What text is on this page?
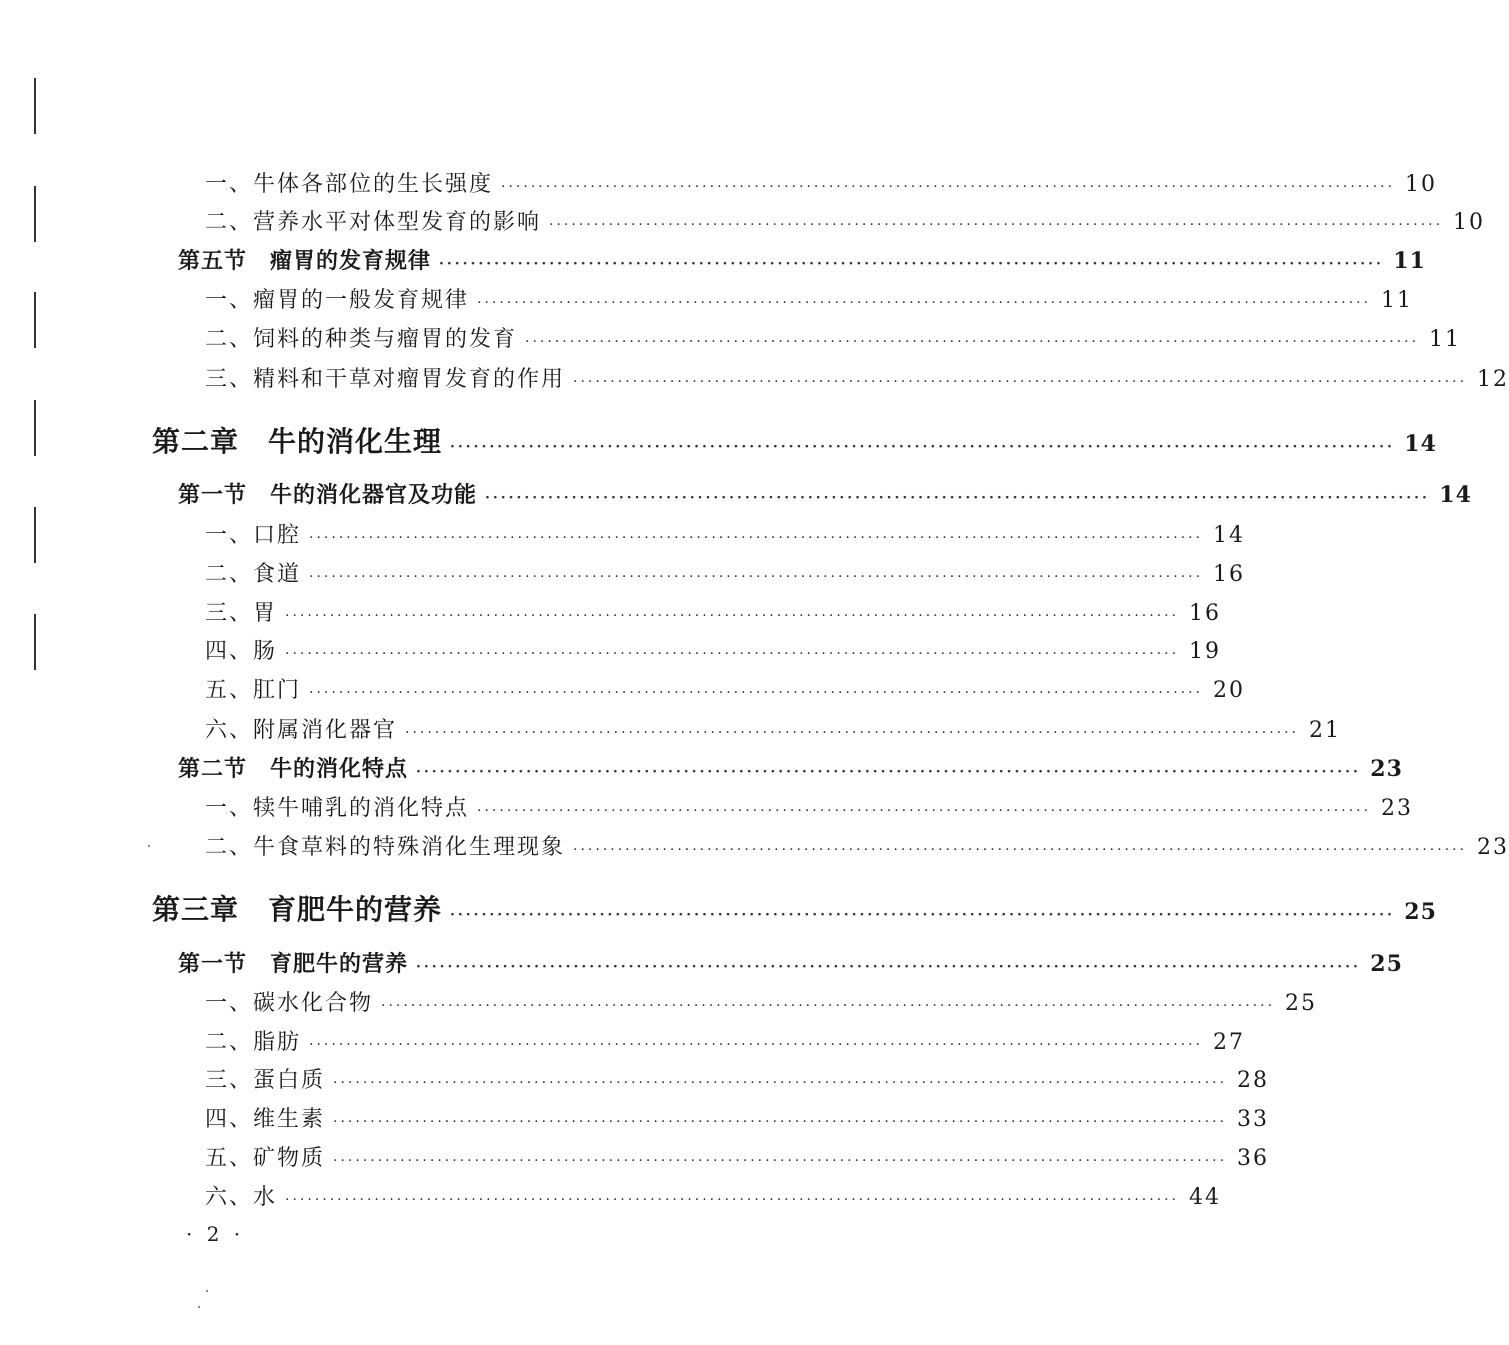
一、牛体各部位的生长强度 ························································································································ 10
二、营养水平对体型发育的影响 ························································································································ 10
第五节　瘤胃的发育规律 ························································································································ 11
一、瘤胃的一般发育规律 ························································································································ 11
二、饲料的种类与瘤胃的发育 ························································································································ 11
三、精料和干草对瘤胃发育的作用 ························································································································ 12
第二章　牛的消化生理 ························································································································ 14
第一节　牛的消化器官及功能 ························································································································ 14
一、口腔 ························································································································ 14
二、食道 ························································································································ 16
三、胃 ························································································································ 16
四、肠 ························································································································ 19
五、肛门 ························································································································ 20
六、附属消化器官 ························································································································ 21
第二节　牛的消化特点 ························································································································ 23
一、犊牛哺乳的消化特点 ························································································································ 23
二、牛食草料的特殊消化生理现象 ························································································································ 23
第三章　育肥牛的营养 ························································································································ 25
第一节　育肥牛的营养 ························································································································ 25
一、碳水化合物 ························································································································ 25
二、脂肪 ························································································································ 27
三、蛋白质 ························································································································ 28
四、维生素 ························································································································ 33
五、矿物质 ························································································································ 36
六、水 ························································································································ 44
· 2 ·
